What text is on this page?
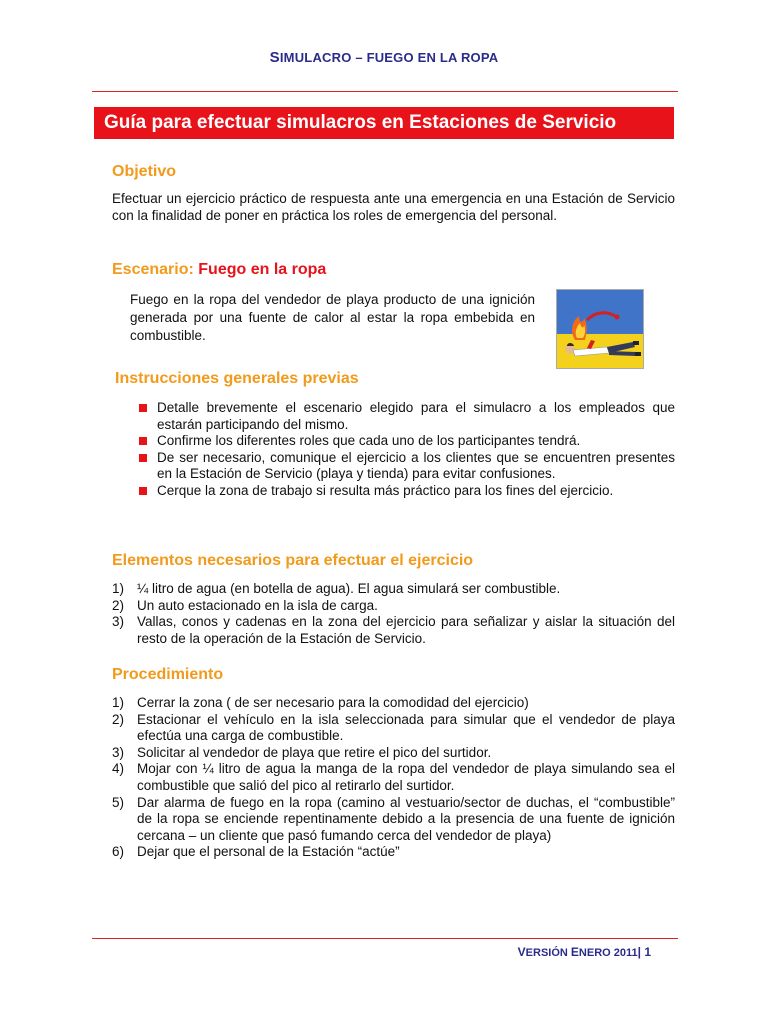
SIMULACRO – FUEGO EN LA ROPA
Guía para efectuar simulacros en Estaciones de Servicio
Objetivo
Efectuar un ejercicio práctico de respuesta ante una emergencia en una Estación de Servicio con la finalidad de poner en práctica los roles de emergencia del personal.
Escenario: Fuego en la ropa
Fuego en la ropa del vendedor de playa producto de una ignición generada por una fuente de calor al estar la ropa embebida en combustible.
Instrucciones generales previas
Detalle brevemente el escenario elegido para el simulacro a los empleados que estarán participando del mismo.
Confirme los diferentes roles que cada uno de los participantes tendrá.
De ser necesario, comunique el ejercicio a los clientes que se encuentren presentes en la Estación de Servicio (playa y tienda) para evitar confusiones.
Cerque la zona de trabajo si resulta más práctico para los fines del ejercicio.
Elementos necesarios para efectuar el ejercicio
1) ¼ litro de agua (en botella de agua). El agua simulará ser combustible.
2) Un auto estacionado en la isla de carga.
3) Vallas, conos y cadenas en la zona del ejercicio para señalizar y aislar la situación del resto de la operación de la Estación de Servicio.
Procedimiento
1) Cerrar la zona ( de ser necesario para la comodidad del ejercicio)
2) Estacionar el vehículo en la isla seleccionada para simular que el vendedor de playa efectúa una carga de combustible.
3) Solicitar al vendedor de playa que retire el pico del surtidor.
4) Mojar con ¼ litro de agua la manga de la ropa del vendedor de playa simulando sea el combustible que salió del pico al retirarlo del surtidor.
5) Dar alarma de fuego en la ropa (camino al vestuario/sector de duchas, el “combustible” de la ropa se enciende repentinamente debido a la presencia de una fuente de ignición cercana – un cliente que pasó fumando cerca del vendedor de playa)
6) Dejar que el personal de la Estación “actúe”
VERSIÓN ENERO 2011| 1
